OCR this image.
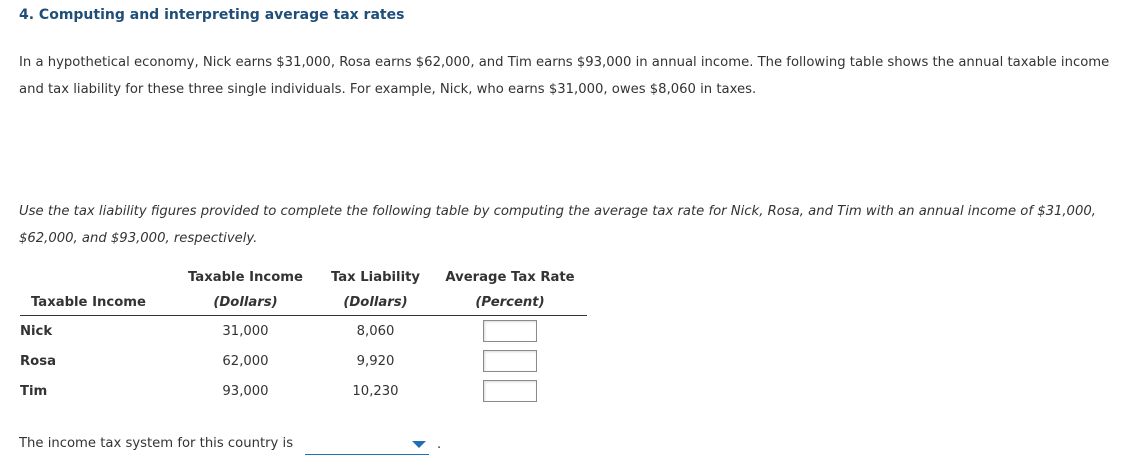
4. Computing and interpreting average tax rates
In a hypothetical economy, Nick earns $31,000, Rosa earns $62,000, and Tim earns $93,000 in annual income. The following table shows the annual taxable income and tax liability for these three single individuals. For example, Nick, who earns $31,000, owes $8,060 in taxes.
Use the tax liability figures provided to complete the following table by computing the average tax rate for Nick, Rosa, and Tim with an annual income of $31,000, $62,000, and $93,000, respectively.
	Taxable Income	Tax Liability	Average Tax Rate
Taxable Income	(Dollars)	(Dollars)	(Percent)
Nick	31,000	8,060	
Rosa	62,000	9,920	
Tim	93,000	10,230	
The income tax system for this country is	.
